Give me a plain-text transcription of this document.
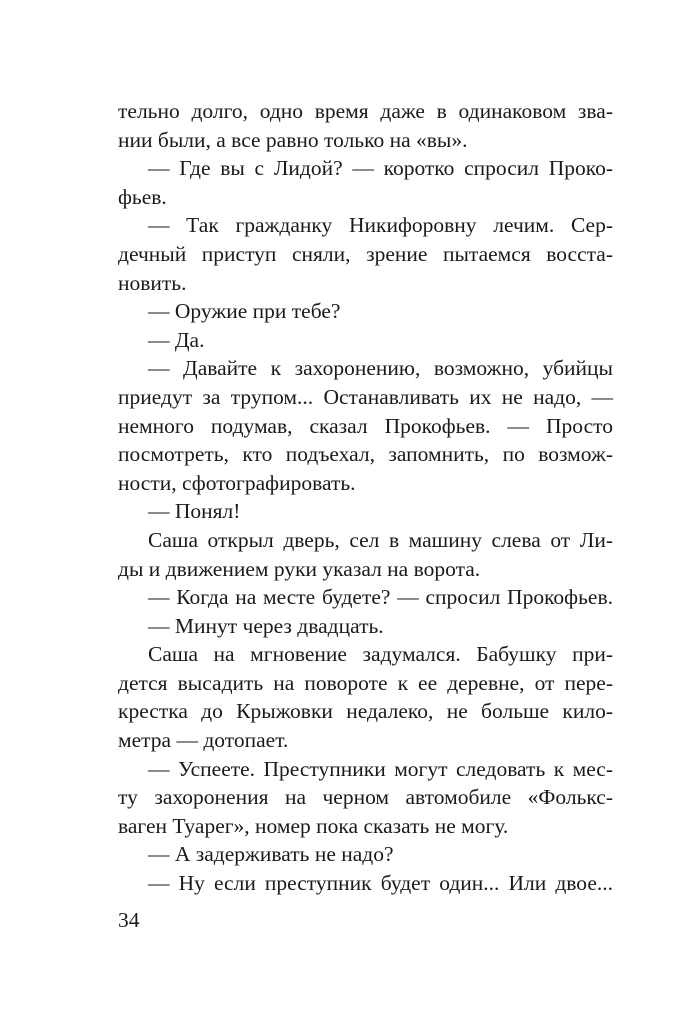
тельно долго, одно время даже в одинаковом зва-
нии были, а все равно только на «вы».
— Где вы с Лидой? — коротко спросил Проко-
фьев.
— Так гражданку Никифоровну лечим. Сер-
дечный приступ сняли, зрение пытаемся восста-
новить.
— Оружие при тебе?
— Да.
— Давайте к захоронению, возможно, убийцы
приедут за трупом... Останавливать их не надо, —
немного подумав, сказал Прокофьев. — Просто
посмотреть, кто подъехал, запомнить, по возмож-
ности, сфотографировать.
— Понял!
Саша открыл дверь, сел в машину слева от Ли-
ды и движением руки указал на ворота.
— Когда на месте будете? — спросил Прокофьев.
— Минут через двадцать.
Саша на мгновение задумался. Бабушку при-
дется высадить на повороте к ее деревне, от пере-
крестка до Крыжовки недалеко, не больше кило-
метра — дотопает.
— Успеете. Преступники могут следовать к мес-
ту захоронения на черном автомобиле «Фолькс-
ваген Туарег», номер пока сказать не могу.
— А задерживать не надо?
— Ну если преступник будет один... Или двое...
34
